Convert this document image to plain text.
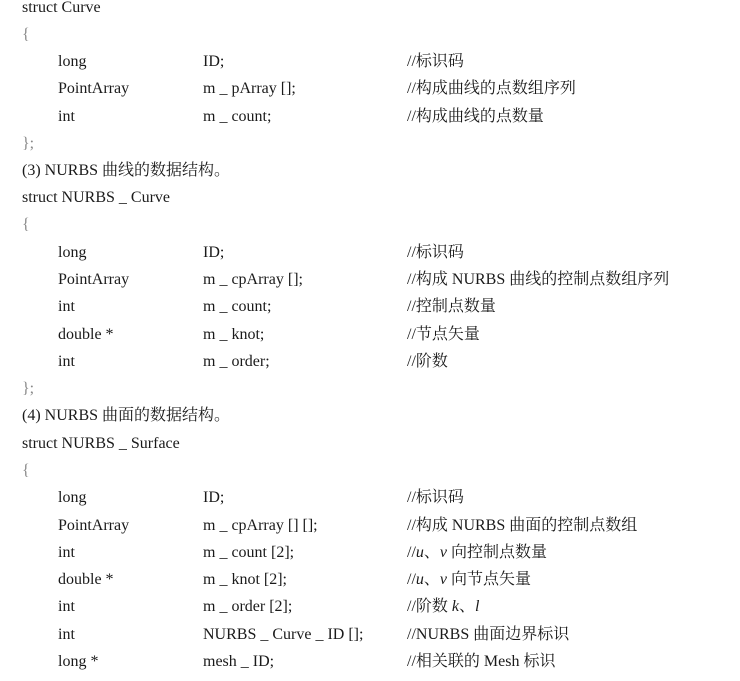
struct Curve
{
long	ID;	//标识码
PointArray	m _ pArray [];	//构成曲线的点数组序列
int	m _ count;	//构成曲线的点数量
};
(3) NURBS 曲线的数据结构。
struct NURBS _ Curve
{
long	ID;	//标识码
PointArray	m _ cpArray [];	//构成 NURBS 曲线的控制点数组序列
int	m _ count;	//控制点数量
double *	m _ knot;	//节点矢量
int	m _ order;	//阶数
};
(4) NURBS 曲面的数据结构。
struct NURBS _ Surface
{
long	ID;	//标识码
PointArray	m _ cpArray [] [];	//构成 NURBS 曲面的控制点数组
int	m _ count [2];	//u、v 向控制点数量
double *	m _ knot [2];	//u、v 向节点矢量
int	m _ order [2];	//阶数 k、l
int	NURBS _ Curve _ ID [];	//NURBS 曲面边界标识
long *	mesh _ ID;	//相关联的 Mesh 标识
